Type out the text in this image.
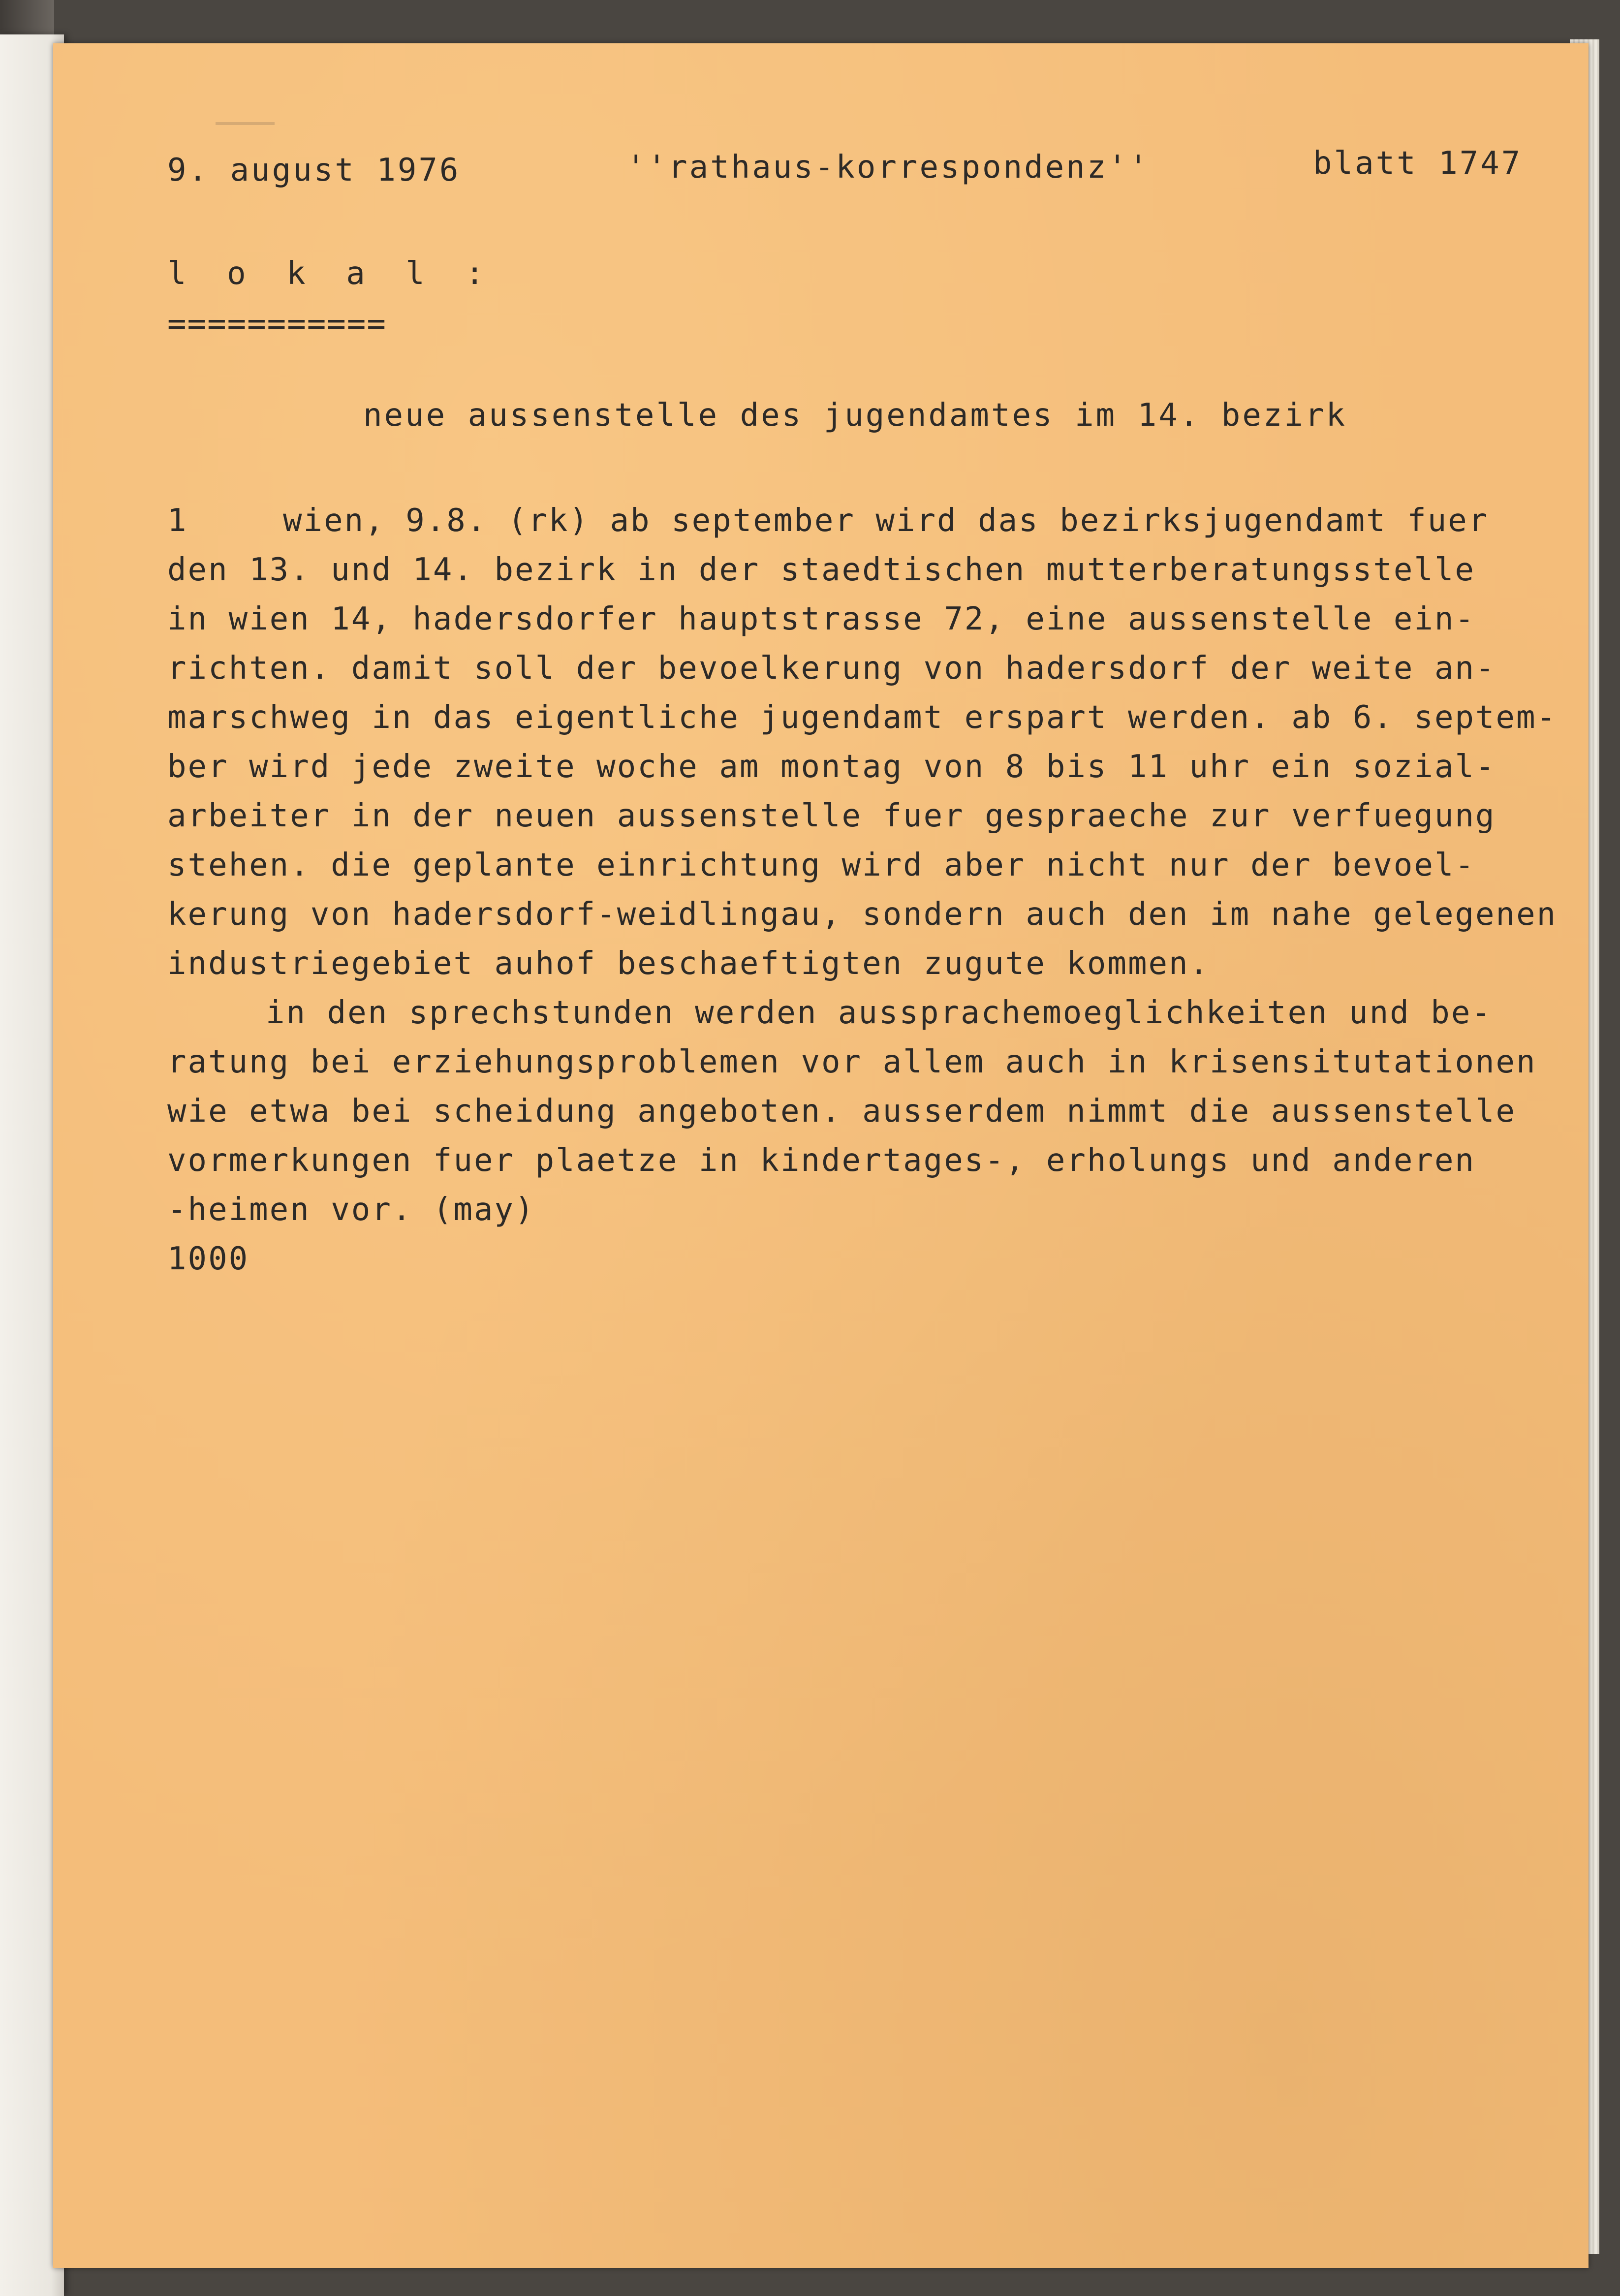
9. august 1976	''rathaus-korrespondenz''	blatt 1747
l o k a l :
===========
neue aussenstelle des jugendamtes im 14. bezirk
1	wien, 9.8. (rk) ab september wird das bezirksjugendamt fuer
den 13. und 14. bezirk in der staedtischen mutterberatungsstelle
in wien 14, hadersdorfer hauptstrasse 72, eine aussenstelle ein-
richten. damit soll der bevoelkerung von hadersdorf der weite an-
marschweg in das eigentliche jugendamt erspart werden. ab 6. septem-
ber wird jede zweite woche am montag von 8 bis 11 uhr ein sozial-
arbeiter in der neuen aussenstelle fuer gespraeche zur verfuegung
stehen. die geplante einrichtung wird aber nicht nur der bevoel-
kerung von hadersdorf-weidlingau, sondern auch den im nahe gelegenen
industriegebiet auhof beschaeftigten zugute kommen.
in den sprechstunden werden aussprachemoeglichkeiten und be-
ratung bei erziehungsproblemen vor allem auch in krisensitutationen
wie etwa bei scheidung angeboten. ausserdem nimmt die aussenstelle
vormerkungen fuer plaetze in kindertages-, erholungs und anderen
-heimen vor. (may)
1000
